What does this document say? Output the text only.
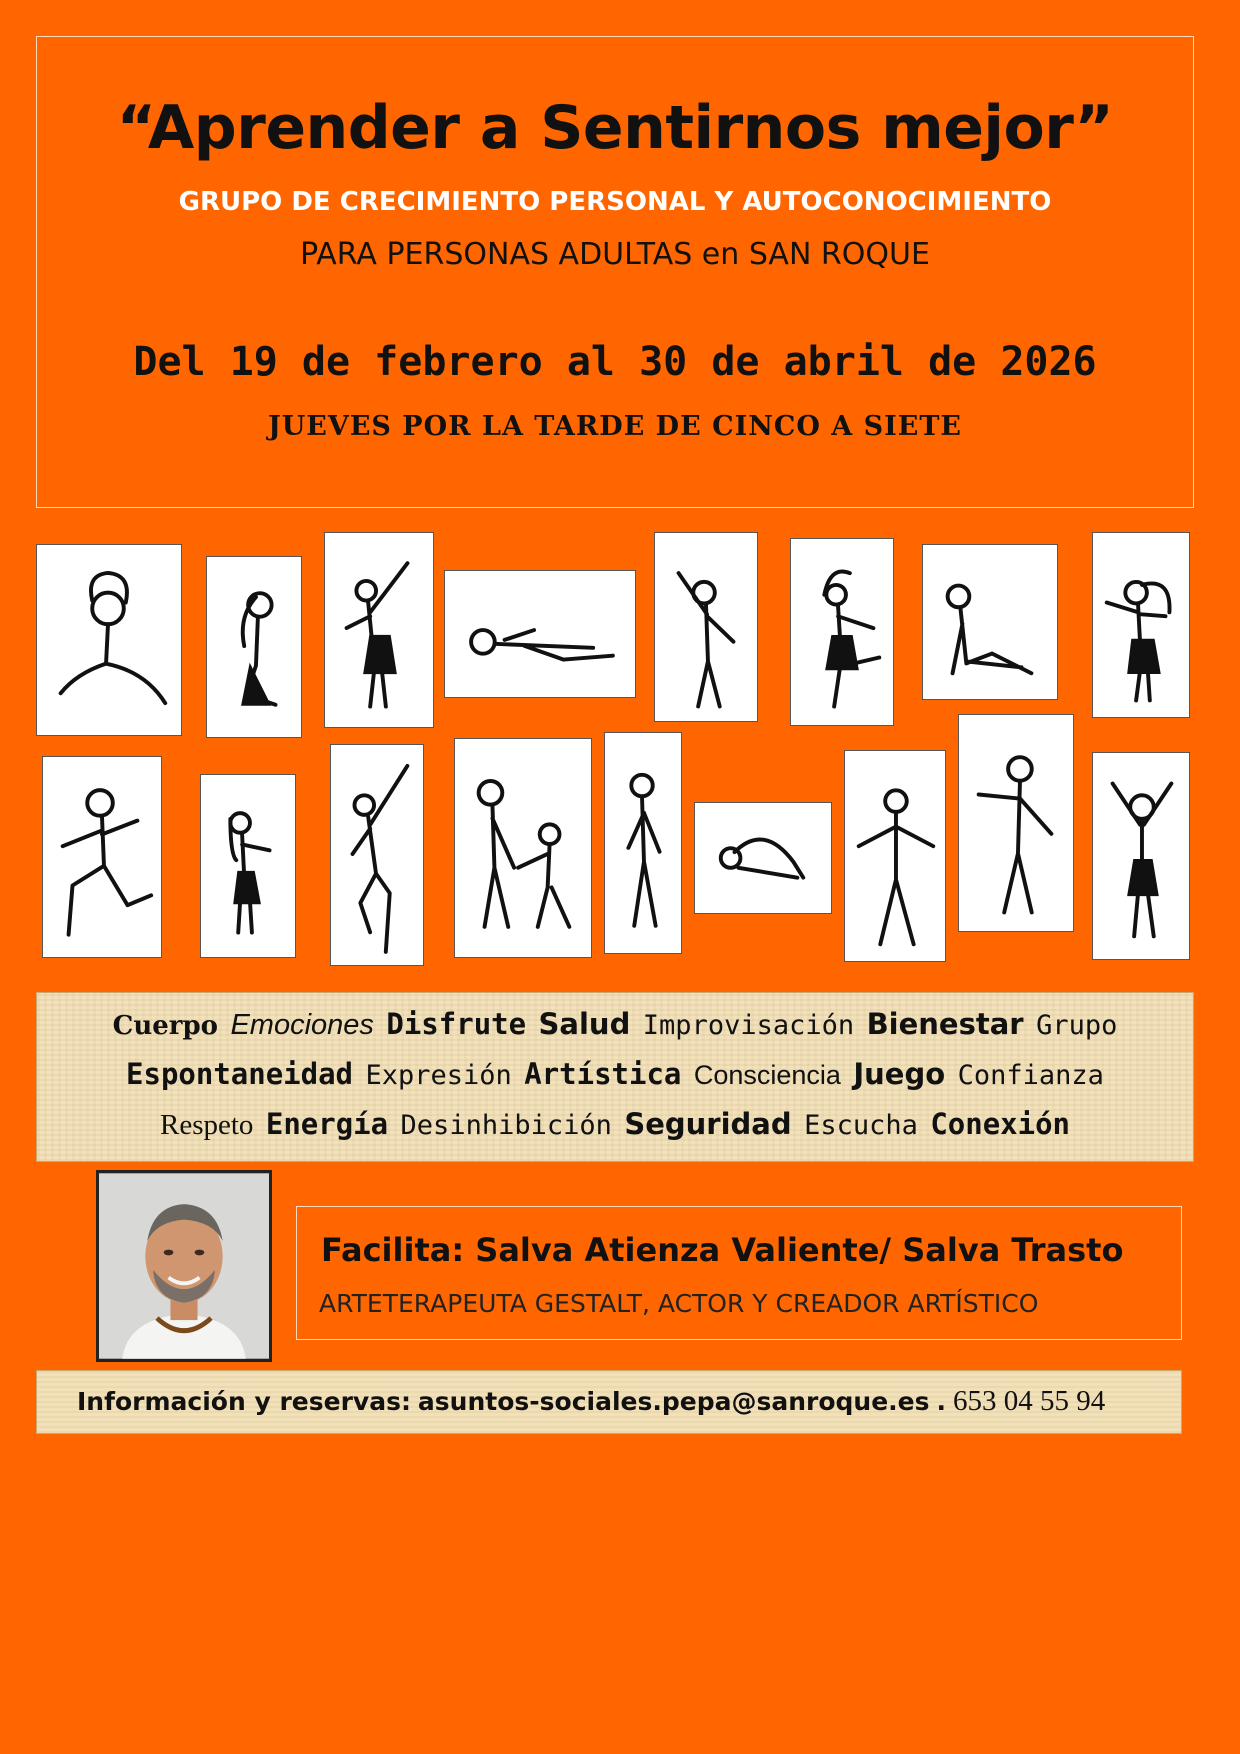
“Aprender a Sentirnos mejor”
GRUPO DE CRECIMIENTO PERSONAL Y AUTOCONOCIMIENTO
PARA PERSONAS ADULTAS en SAN ROQUE
Del 19 de febrero al 30 de abril de 2026
JUEVES POR LA TARDE DE CINCO A SIETE
Cuerpo Emociones Disfrute Salud Improvisación Bienestar Grupo
Espontaneidad Expresión Artística Consciencia Juego Confianza
Respeto Energía Desinhibición Seguridad Escucha Conexión
Facilita: Salva Atienza Valiente/ Salva Trasto
ARTETERAPEUTA GESTALT, ACTOR Y CREADOR ARTÍSTICO
Información y reservas: asuntos-sociales.pepa@sanroque.es . 653 04 55 94
